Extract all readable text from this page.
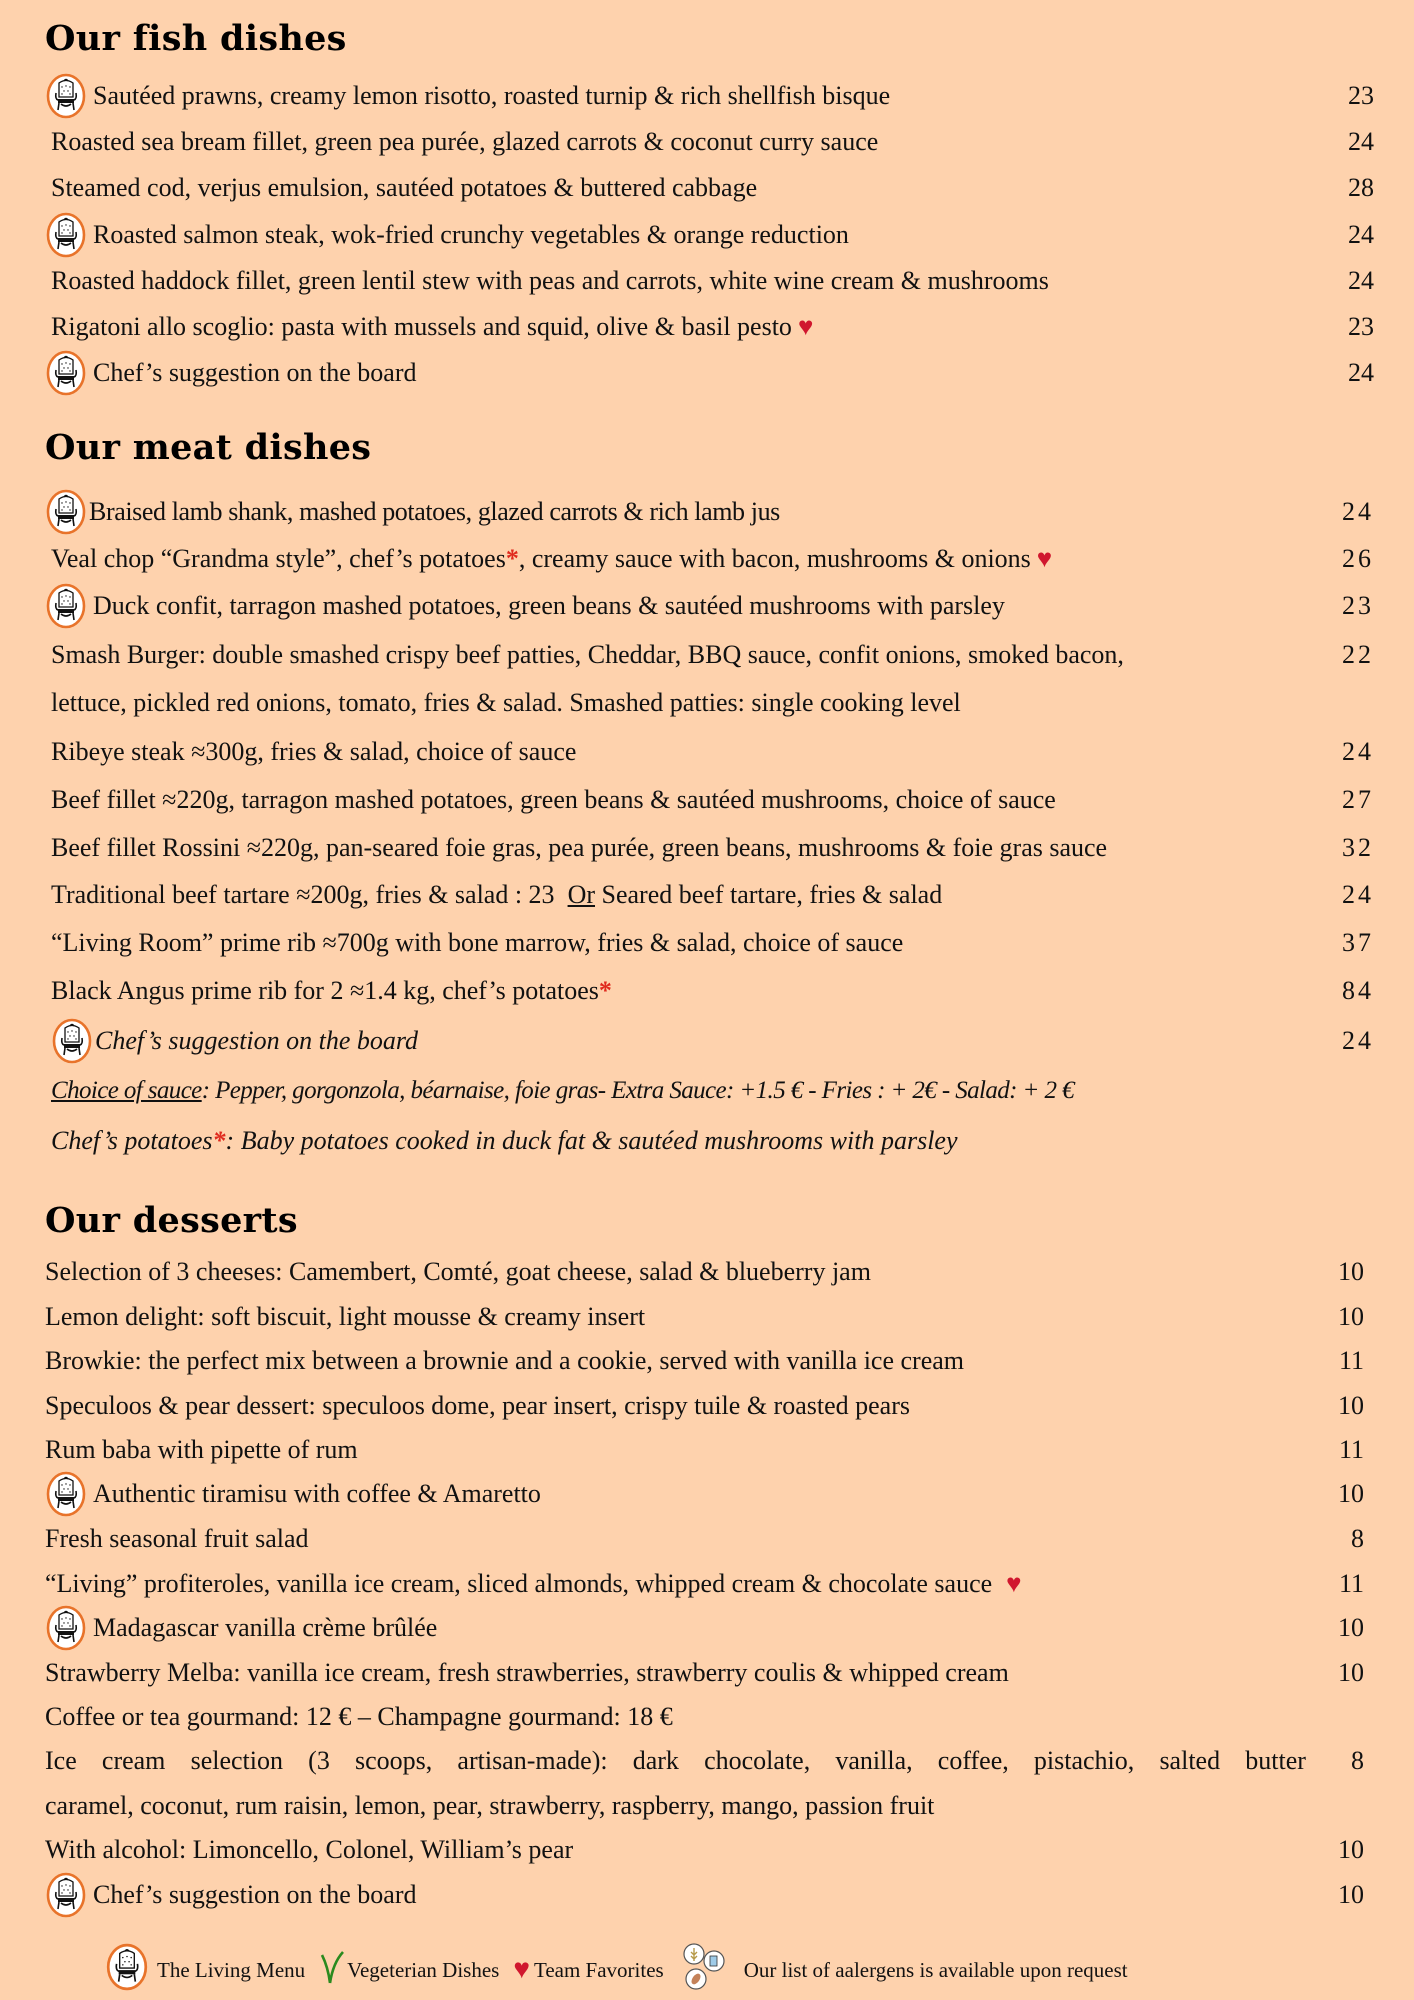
Our fish dishes
Sautéed prawns, creamy lemon risotto, roasted turnip & rich shellfish bisque	23
Roasted sea bream fillet, green pea purée, glazed carrots & coconut curry sauce	24
Steamed cod, verjus emulsion, sautéed potatoes & buttered cabbage	28
Roasted salmon steak, wok-fried crunchy vegetables & orange reduction	24
Roasted haddock fillet, green lentil stew with peas and carrots, white wine cream & mushrooms	24
Rigatoni allo scoglio: pasta with mussels and squid, olive & basil pesto ♥	23
Chef’s suggestion on the board	24
Our meat dishes
Braised lamb shank, mashed potatoes, glazed carrots & rich lamb jus	24
Veal chop “Grandma style”, chef’s potatoes*, creamy sauce with bacon, mushrooms & onions ♥	26
Duck confit, tarragon mashed potatoes, green beans & sautéed mushrooms with parsley	23
Smash Burger: double smashed crispy beef patties, Cheddar, BBQ sauce, confit onions, smoked bacon,	22
lettuce, pickled red onions, tomato, fries & salad. Smashed patties: single cooking level
Ribeye steak ≈300g, fries & salad, choice of sauce	24
Beef fillet ≈220g, tarragon mashed potatoes, green beans & sautéed mushrooms, choice of sauce	27
Beef fillet Rossini ≈220g, pan-seared foie gras, pea purée, green beans, mushrooms & foie gras sauce	32
Traditional beef tartare ≈200g, fries & salad : 23  Or Seared beef tartare, fries & salad	24
“Living Room” prime rib ≈700g with bone marrow, fries & salad, choice of sauce	37
Black Angus prime rib for 2 ≈1.4 kg, chef’s potatoes*	84
Chef’s suggestion on the board	24
Choice of sauce: Pepper, gorgonzola, béarnaise, foie gras- Extra Sauce: +1.5 € - Fries : + 2€ - Salad: + 2 €
Chef’s potatoes*: Baby potatoes cooked in duck fat & sautéed mushrooms with parsley
Our desserts
Selection of 3 cheeses: Camembert, Comté, goat cheese, salad & blueberry jam	10
Lemon delight: soft biscuit, light mousse & creamy insert	10
Browkie: the perfect mix between a brownie and a cookie, served with vanilla ice cream	11
Speculoos & pear dessert: speculoos dome, pear insert, crispy tuile & roasted pears	10
Rum baba with pipette of rum	11
Authentic tiramisu with coffee & Amaretto	10
Fresh seasonal fruit salad	8
“Living” profiteroles, vanilla ice cream, sliced almonds, whipped cream & chocolate sauce ♥	11
Madagascar vanilla crème brûlée	10
Strawberry Melba: vanilla ice cream, fresh strawberries, strawberry coulis & whipped cream	10
Coffee or tea gourmand: 12 € – Champagne gourmand: 18 €
Ice cream selection (3 scoops, artisan-made): dark chocolate, vanilla, coffee, pistachio, salted butter	8
caramel, coconut, rum raisin, lemon, pear, strawberry, raspberry, mango, passion fruit
With alcohol: Limoncello, Colonel, William’s pear	10
Chef’s suggestion on the board	10
The Living Menu Vegeterian Dishes ♥ Team Favorites	Our list of aalergens is available upon request
